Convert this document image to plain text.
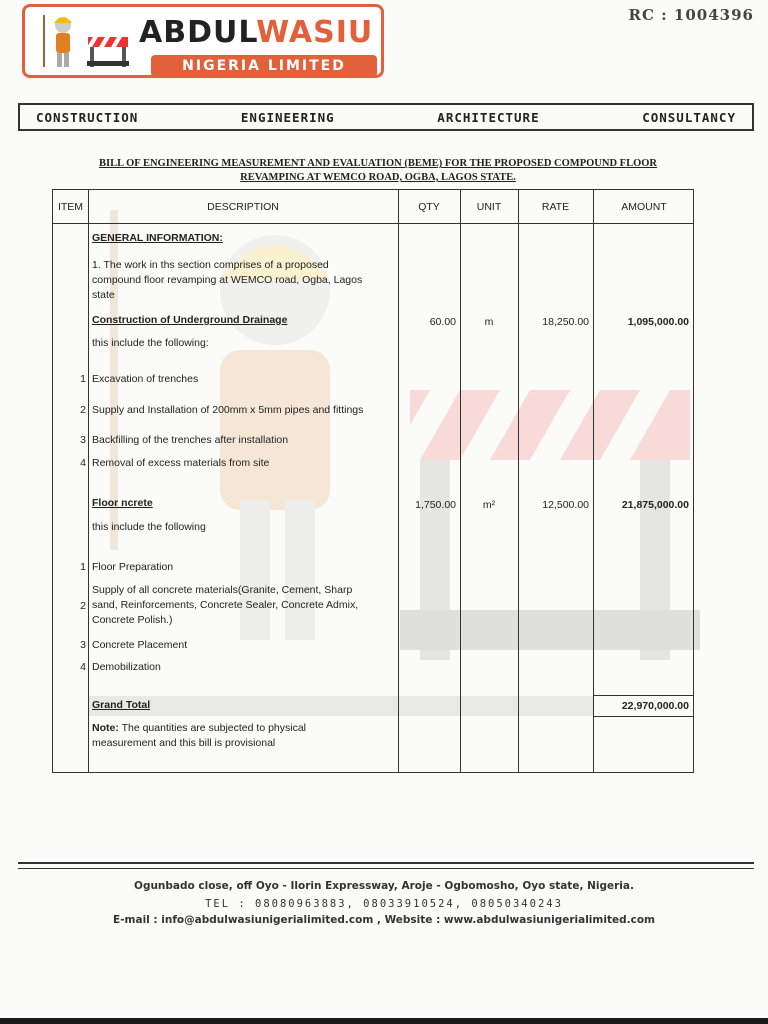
ABDULWASIU
NIGERIA LIMITED
RC : 1004396
CONSTRUCTION	ENGINEERING	ARCHITECTURE	CONSULTANCY
BILL OF ENGINEERING MEASUREMENT AND EVALUATION (BEME) FOR THE PROPOSED COMPOUND FLOOR
REVAMPING AT WEMCO ROAD, OGBA, LAGOS STATE.
ITEM	DESCRIPTION	QTY	UNIT	RATE	AMOUNT
GENERAL INFORMATION:
1. The work in ths section comprises of a proposed
compound floor revamping at WEMCO road, Ogba, Lagos
state
Construction of Underground Drainage	60.00	m	18,250.00	1,095,000.00
this include the following:
1 Excavation of trenches
2 Supply and Installation of 200mm x 5mm pipes and fittings
3 Backfilling of the trenches after installation
4 Removal of excess materials from site
Floor ncrete	1,750.00	m²	12,500.00	21,875,000.00
this include the following
1 Floor Preparation
2
Supply of all concrete materials(Granite, Cement, Sharp
sand, Reinforcements, Concrete Sealer, Concrete Admix,
Concrete Polish.)
3 Concrete Placement
4 Demobilization
Grand Total	22,970,000.00
Note: The quantities are subjected to physical
measurement and this bill is provisional
Ogunbado close, off Oyo - Ilorin Expressway, Aroje - Ogbomosho, Oyo state, Nigeria.
TEL : 08080963883, 08033910524, 08050340243
E-mail : info@abdulwasiunigerialimited.com , Website : www.abdulwasiunigerialimited.com
